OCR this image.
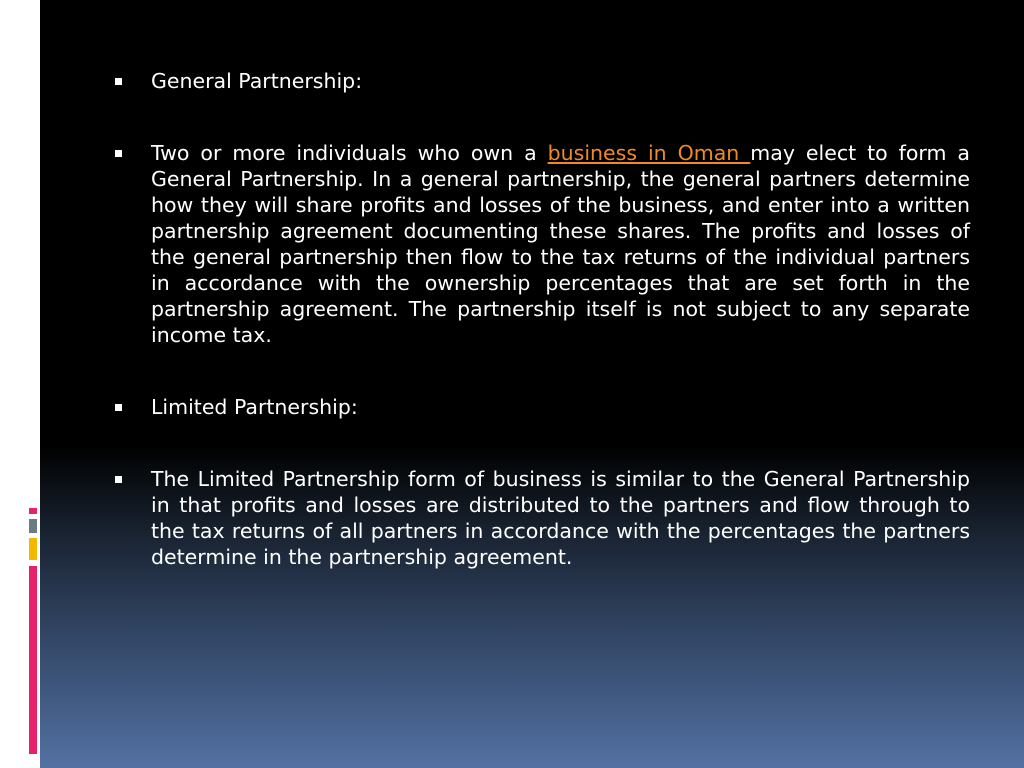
General Partnership:
Two or more individuals who own a business in Oman may elect to form a General Partnership. In a general partnership, the general partners determine how they will share profits and losses of the business, and enter into a written partnership agreement documenting these shares. The profits and losses of the general partnership then flow to the tax returns of the individual partners in accordance with the ownership percentages that are set forth in the partnership agreement. The partnership itself is not subject to any separate income tax.
Limited Partnership:
The Limited Partnership form of business is similar to the General Partnership in that profits and losses are distributed to the partners and flow through to the tax returns of all partners in accordance with the percentages the partners determine in the partnership agreement.
